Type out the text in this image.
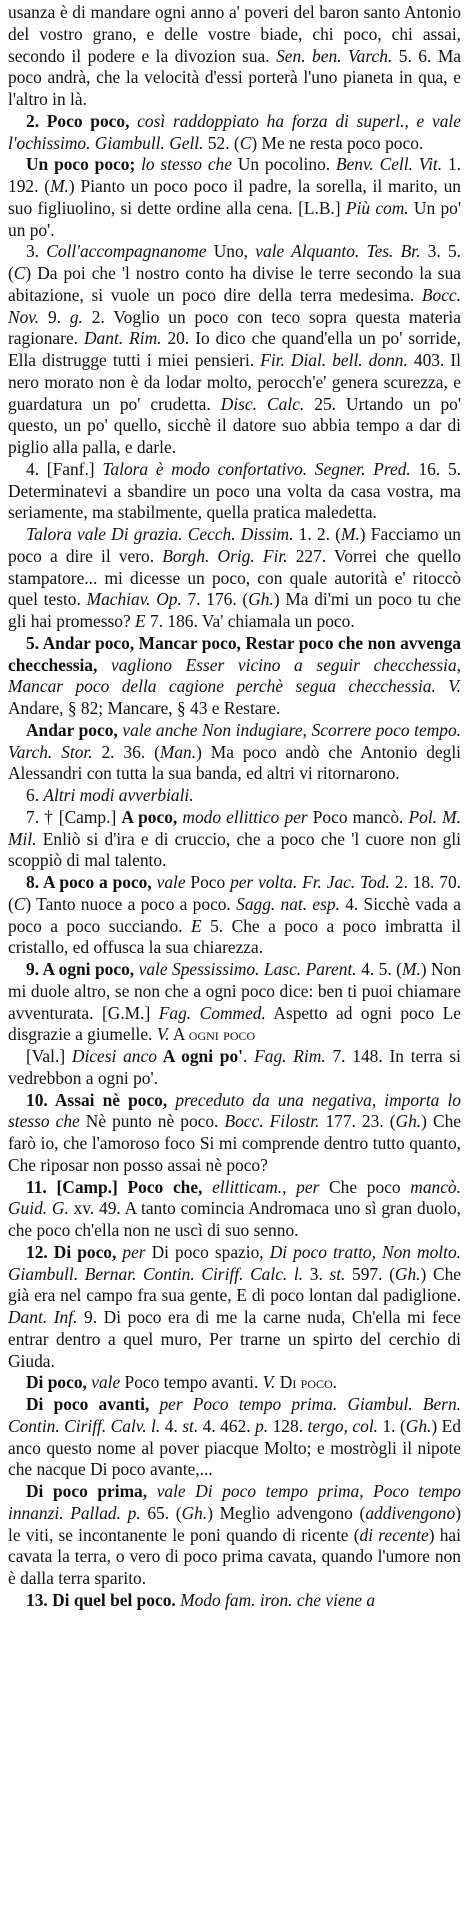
usanza è di mandare ogni anno a' poveri del baron santo Antonio del vostro grano, e delle vostre biade, chi poco, chi assai, secondo il podere e la divozion sua. Sen. ben. Varch. 5. 6. Ma poco andrà, che la velocità d'essi porterà l'uno pianeta in qua, e l'altro in là.

2. Poco poco, così raddoppiato ha forza di superl., e vale l'ochissimo. Giambull. Gell. 52. (C) Me ne resta poco poco.

Un poco poco; lo stesso che Un pocolino. Benv. Cell. Vit. 1. 192. (M.) Pianto un poco poco il padre, la sorella, il marito, un suo figliuolino, si dette ordine alla cena. [L.B.] Più com. Un po' un po'.

3. Coll'accompagnanome Uno, vale Alquanto. Tes. Br. 3. 5. (C) Da poi che 'l nostro conto ha divise le terre secondo la sua abitazione, si vuole un poco dire della terra medesima. Bocc. Nov. 9. g. 2. Voglio un poco con teco sopra questa materia ragionare. Dant. Rim. 20. Io dico che quand'ella un po' sorride, Ella distrugge tutti i miei pensieri. Fir. Dial. bell. donn. 403. Il nero morato non è da lodar molto, perocch'e' genera scurezza, e guardatura un po' crudetta. Disc. Calc. 25. Urtando un po' questo, un po' quello, sicchè il datore suo abbia tempo a dar di piglio alla palla, e darle.

4. [Fanf.] Talora è modo confortativo. Segner. Pred. 16. 5. Determinatevi a sbandire un poco una volta da casa vostra, ma seriamente, ma stabilmente, quella pratica maledetta.

Talora vale Di grazia. Cecch. Dissim. 1. 2. (M.) Facciamo un poco a dire il vero. Borgh. Orig. Fir. 227. Vorrei che quello stampatore... mi dicesse un poco, con quale autorità e' ritoccò quel testo. Machiav. Op. 7. 176. (Gh.) Ma di'mi un poco tu che gli hai promesso? E 7. 186. Va' chiamala un poco.

5. Andar poco, Mancar poco, Restar poco che non avvenga checchessia, vagliono Esser vicino a seguir checchessia, Mancar poco della cagione perchè segua checchessia. V. Andare, § 82; Mancare, § 43 e Restare.

Andar poco, vale anche Non indugiare, Scorrere poco tempo. Varch. Stor. 2. 36. (Man.) Ma poco andò che Antonio degli Alessandri con tutta la sua banda, ed altri vi ritornarono.

6. Altri modi avverbiali.

7. † [Camp.] A poco, modo ellittico per Poco mancò. Pol. M. Mil. Enliò si d'ira e di cruccio, che a poco che 'l cuore non gli scoppiò di mal talento.

8. A poco a poco, vale Poco per volta. Fr. Jac. Tod. 2. 18. 70. (C) Tanto nuoce a poco a poco. Sagg. nat. esp. 4. Sicchè vada a poco a poco succiando. E 5. Che a poco a poco imbratta il cristallo, ed offusca la sua chiarezza.

9. A ogni poco, vale Spessissimo. Lasc. Parent. 4. 5. (M.) Non mi duole altro, se non che a ogni poco dice: ben ti puoi chiamare avventurata. [G.M.] Fag. Commed. Aspetto ad ogni poco Le disgrazie a giumelle. V. A ogni poco

[Val.] Dicesi anco A ogni po'. Fag. Rim. 7. 148. In terra si vedrebbon a ogni po'.

10. Assai nè poco, preceduto da una negativa, importa lo stesso che Nè punto nè poco. Bocc. Filostr. 177. 23. (Gh.) Che farò io, che l'amoroso foco Si mi comprende dentro tutto quanto, Che riposar non posso assai nè poco?

11. [Camp.] Poco che, ellitticam., per Che poco mancò. Guid. G. xv. 49. A tanto comincia Andromaca uno sì gran duolo, che poco ch'ella non ne uscì di suo senno.

12. Di poco, per Di poco spazio, Di poco tratto, Non molto. Giambull. Bernar. Contin. Ciriff. Calc. l. 3. st. 597. (Gh.) Che già era nel campo fra sua gente, E di poco lontan dal padiglione. Dant. Inf. 9. Di poco era di me la carne nuda, Ch'ella mi fece entrar dentro a quel muro, Per trarne un spirto del cerchio di Giuda.

Di poco, vale Poco tempo avanti. V. Di poco.

Di poco avanti, per Poco tempo prima. Giambul. Bern. Contin. Ciriff. Calv. l. 4. st. 4. 462. p. 128. tergo, col. 1. (Gh.) Ed anco questo nome al pover piacque Molto; e mostrògli il nipote che nacque Di poco avante,...

Di poco prima, vale Di poco tempo prima, Poco tempo innanzi. Pallad. p. 65. (Gh.) Meglio advengono (addivengono) le viti, se incontanente le poni quando di ricente (di recente) hai cavata la terra, o vero di poco prima cavata, quando l'umore non è dalla terra sparito.

13. Di quel bel poco. Modo fam. iron. che viene a
